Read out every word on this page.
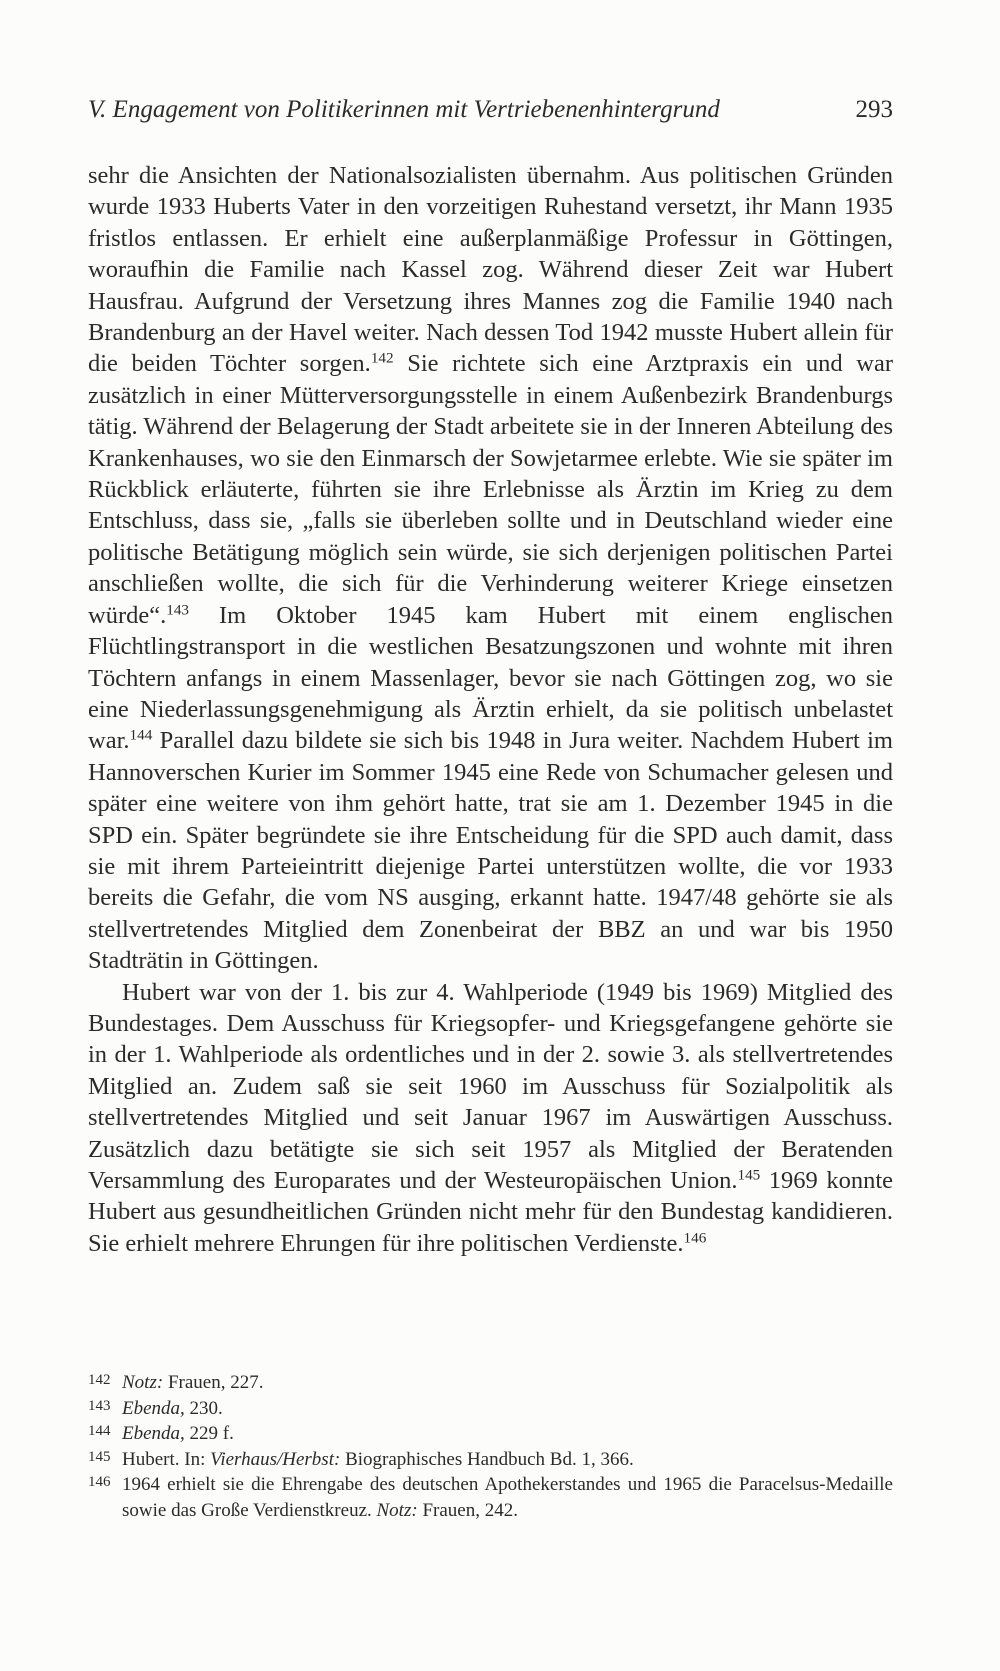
V. Engagement von Politikerinnen mit Vertriebenenhintergrund	293

sehr die Ansichten der Nationalsozialisten übernahm. Aus politischen Gründen wurde 1933 Huberts Vater in den vorzeitigen Ruhestand versetzt, ihr Mann 1935 fristlos entlassen. Er erhielt eine außerplanmäßige Professur in Göttingen, woraufhin die Familie nach Kassel zog. Während dieser Zeit war Hubert Hausfrau. Aufgrund der Versetzung ihres Mannes zog die Familie 1940 nach Brandenburg an der Havel weiter. Nach dessen Tod 1942 musste Hubert allein für die beiden Töchter sorgen.$^{142}$ Sie richtete sich eine Arztpraxis ein und war zusätzlich in einer Mütterversorgungsstelle in einem Außenbezirk Brandenburgs tätig. Während der Belagerung der Stadt arbeitete sie in der Inneren Abteilung des Krankenhauses, wo sie den Einmarsch der Sowjetarmee erlebte. Wie sie später im Rückblick erläuterte, führten sie ihre Erlebnisse als Ärztin im Krieg zu dem Entschluss, dass sie, „falls sie überleben sollte und in Deutschland wieder eine politische Betätigung möglich sein würde, sie sich derjenigen politischen Partei anschließen wollte, die sich für die Verhinderung weiterer Kriege einsetzen würde“.$^{143}$ Im Oktober 1945 kam Hubert mit einem englischen Flüchtlingstransport in die westlichen Besatzungszonen und wohnte mit ihren Töchtern anfangs in einem Massenlager, bevor sie nach Göttingen zog, wo sie eine Niederlassungsgenehmigung als Ärztin erhielt, da sie politisch unbelastet war.$^{144}$ Parallel dazu bildete sie sich bis 1948 in Jura weiter. Nachdem Hubert im Hannoverschen Kurier im Sommer 1945 eine Rede von Schumacher gelesen und später eine weitere von ihm gehört hatte, trat sie am 1. Dezember 1945 in die SPD ein. Später begründete sie ihre Entscheidung für die SPD auch damit, dass sie mit ihrem Parteieintritt diejenige Partei unterstützen wollte, die vor 1933 bereits die Gefahr, die vom NS ausging, erkannt hatte. 1947/48 gehörte sie als stellvertretendes Mitglied dem Zonenbeirat der BBZ an und war bis 1950 Stadträtin in Göttingen.

Hubert war von der 1. bis zur 4. Wahlperiode (1949 bis 1969) Mitglied des Bundestages. Dem Ausschuss für Kriegsopfer- und Kriegsgefangene gehörte sie in der 1. Wahlperiode als ordentliches und in der 2. sowie 3. als stellvertretendes Mitglied an. Zudem saß sie seit 1960 im Ausschuss für Sozialpolitik als stellvertretendes Mitglied und seit Januar 1967 im Auswärtigen Ausschuss. Zusätzlich dazu betätigte sie sich seit 1957 als Mitglied der Beratenden Versammlung des Europarates und der Westeuropäischen Union.$^{145}$ 1969 konnte Hubert aus gesundheitlichen Gründen nicht mehr für den Bundestag kandidieren. Sie erhielt mehrere Ehrungen für ihre politischen Verdienste.$^{146}$

142 Notz: Frauen, 227.
143 Ebenda, 230.
144 Ebenda, 229 f.
145 Hubert. In: Vierhaus/Herbst: Biographisches Handbuch Bd. 1, 366.
146 1964 erhielt sie die Ehrengabe des deutschen Apothekerstandes und 1965 die Paracelsus-Medaille sowie das Große Verdienstkreuz. Notz: Frauen, 242.
